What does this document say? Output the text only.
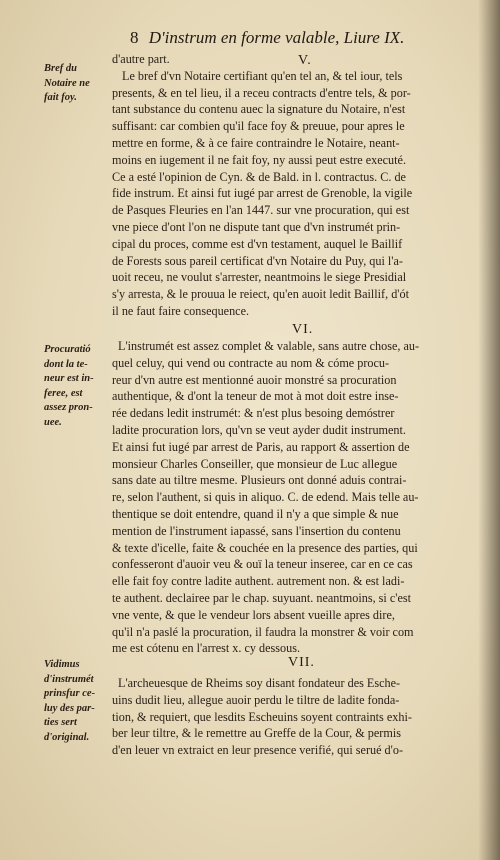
8 D'instrum en forme valable, Liure IX.
V.
Bref du
Notaire ne
fait foy.
d'autre part.
Le bref d'vn Notaire certifiant qu'en tel an, & tel iour, tels
presents, & en tel lieu, il a receu contracts d'entre tels, & por-
tant substance du contenu auec la signature du Notaire, n'est
suffisant: car combien qu'il face foy & preuue, pour apres le
mettre en forme, & à ce faire contraindre le Notaire, neant-
moins en iugement il ne fait foy, ny aussi peut estre executé.
Ce a esté l'opinion de Cyn. & de Bald. in l. contractus. C. de
fide instrum. Et ainsi fut iugé par arrest de Grenoble, la vigile
de Pasques Fleuries en l'an 1447. sur vne procuration, qui est
vne piece d'ont l'on ne dispute tant que d'vn instrumét prin-
cipal du proces, comme est d'vn testament, auquel le Baillif
de Forests sous pareil certificat d'vn Notaire du Puy, qui l'a-
uoit receu, ne voulut s'arrester, neantmoins le siege Presidial
s'y arresta, & le prouua le reiect, qu'en auoit ledit Baillif, d'ót
il ne faut faire consequence.
VI.
Procuratió
dont la te-
neur est in-
feree, est
assez pron-
uee.
L'instrumét est assez complet & valable, sans autre chose, au-
quel celuy, qui vend ou contracte au nom & cóme procu-
reur d'vn autre est mentionné auoir monstré sa procuration
authentique, & d'ont la teneur de mot à mot doit estre inse-
rée dedans ledit instrumét: & n'est plus besoing demóstrer
ladite procuration lors, qu'vn se veut ayder dudit instrument.
Et ainsi fut iugé par arrest de Paris, au rapport & assertion de
monsieur Charles Conseiller, que monsieur de Luc allegue
sans date au tiltre mesme. Plusieurs ont donné aduis contrai-
re, selon l'authent, si quis in aliquo. C. de edend. Mais telle au-
thentique se doit entendre, quand il n'y a que simple & nue
mention de l'instrument iapassé, sans l'insertion du contenu
& texte d'icelle, faite & couchée en la presence des parties, qui
confesseront d'auoir veu & ouï la teneur inseree, car en ce cas
elle fait foy contre ladite authent. autrement non. & est ladi-
te authent. declairee par le chap. suyuant. neantmoins, si c'est
vne vente, & que le vendeur lors absent vueille apres dire,
qu'il n'a paslé la procuration, il faudra la monstrer & voir com
me est cótenu en l'arrest x. cy dessous.
VII.
Vidimus
d'instrumét
prinsfur ce-
luy des par-
ties sert
d'original.
L'archeuesque de Rheims soy disant fondateur des Esche-
uins dudit lieu, allegue auoir perdu le tiltre de ladite fonda-
tion, & requiert, que lesdits Escheuins soyent contraints exhi-
ber leur tiltre, & le remettre au Greffe de la Cour, & permis
d'en leuer vn extraict en leur presence verifié, qui serué d'o-
